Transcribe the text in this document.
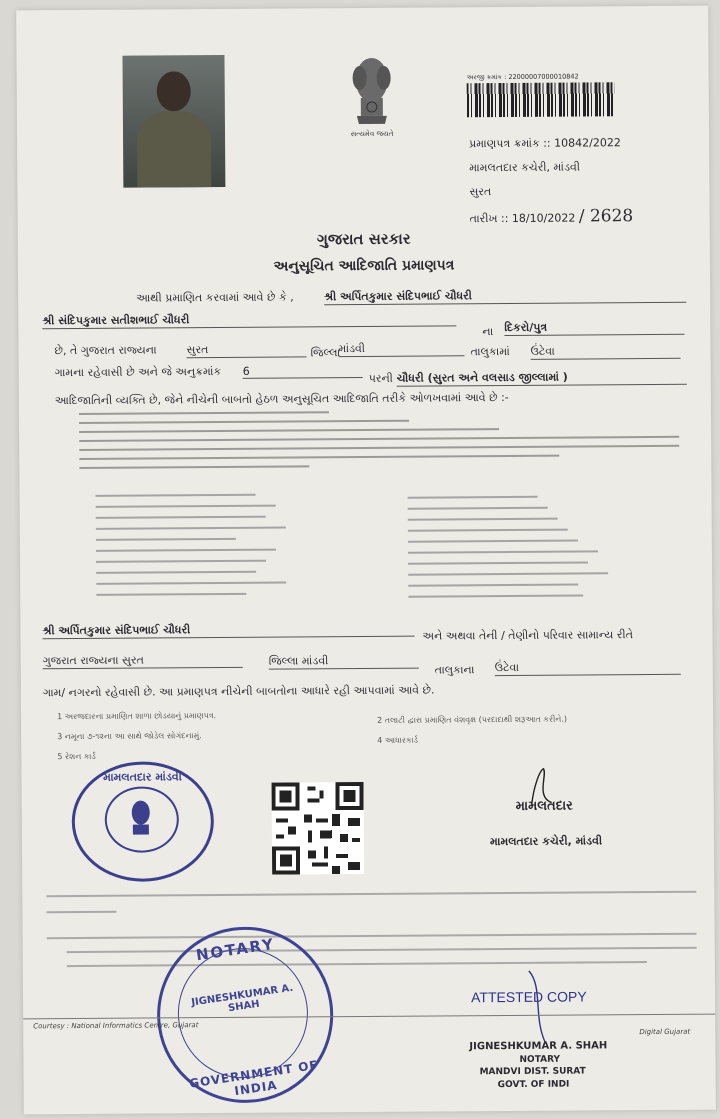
સત્યમેવ જયતે
અરજી ક્રમાંક : 22000007000010842
પ્રમાણપત્ર ક્રમાંક :: 10842/2022
મામલતદાર કચેરી, માંડવી
સુરત
તારીખ :: 18/10/2022 / 2628
ગુજરાત સરકાર
અનુસૂચિત આદિજાતિ પ્રમાણપત્ર
આથી પ્રમાણિત કરવામાં આવે છે કે ,	શ્રી અર્પિતકુમાર સંદિપભાઈ ચૌધરી
શ્રી સંદિપકુમાર સતીશભાઈ ચૌધરી
ના દિકરો/પુત્ર
છે, તે ગુજરાત રાજ્યના	સુરત	જિલ્લા
માંડવી	તાલુકામાં ઉંટેવા
ગામના રહેવાસી છે અને જે અનુક્રમાંક 6
પરની ચૌધરી (સુરત અને વલસાડ જીલ્લામાં )
આદિજાતિની વ્યક્તિ છે, જેને નીચેની બાબતો હેઠળ અનુસૂચિત આદિજાતિ તરીકે ઓળખવામાં આવે છે :-
શ્રી અર્પિતકુમાર સંદિપભાઈ ચૌધરી	અને અથવા તેની / તેણીનો પરિવાર સામાન્ય રીતે
ગુજરાત રાજ્યના સુરત	જિલ્લા માંડવી
તાલુકાના ઉંટેવા
ગામ/ નગરનો રહેવાસી છે. આ પ્રમાણપત્ર નીચેની બાબતોના આધારે રહી આપવામાં આવે છે.
1 અરજદારના પ્રમાણિત શાળા છોડયાનું પ્રમાણપત્ર.	2 તલાટી દ્વારા પ્રમાણિત વંશવૃક્ષ (પરદાદાથી શરૂઆત કરીને.)
3 નમૂના ૭-૧૨ના આ સાથે જોડેલ સોગંદનામું.	4 આધારકાર્ડ
5 રેશન કાર્ડ
મામલતદાર માંડવી
મામલતદાર
મામલતદાર કચેરી, માંડવી
NOTARY
JIGNESHKUMAR A. SHAH
GOVERNMENT OF INDIA
ATTESTED COPY
JIGNESHKUMAR A. SHAH
NOTARY
MANDVI DIST. SURAT
GOVT. OF INDI
Courtesy : National Informatics Centre, Gujarat
Digital Gujarat
